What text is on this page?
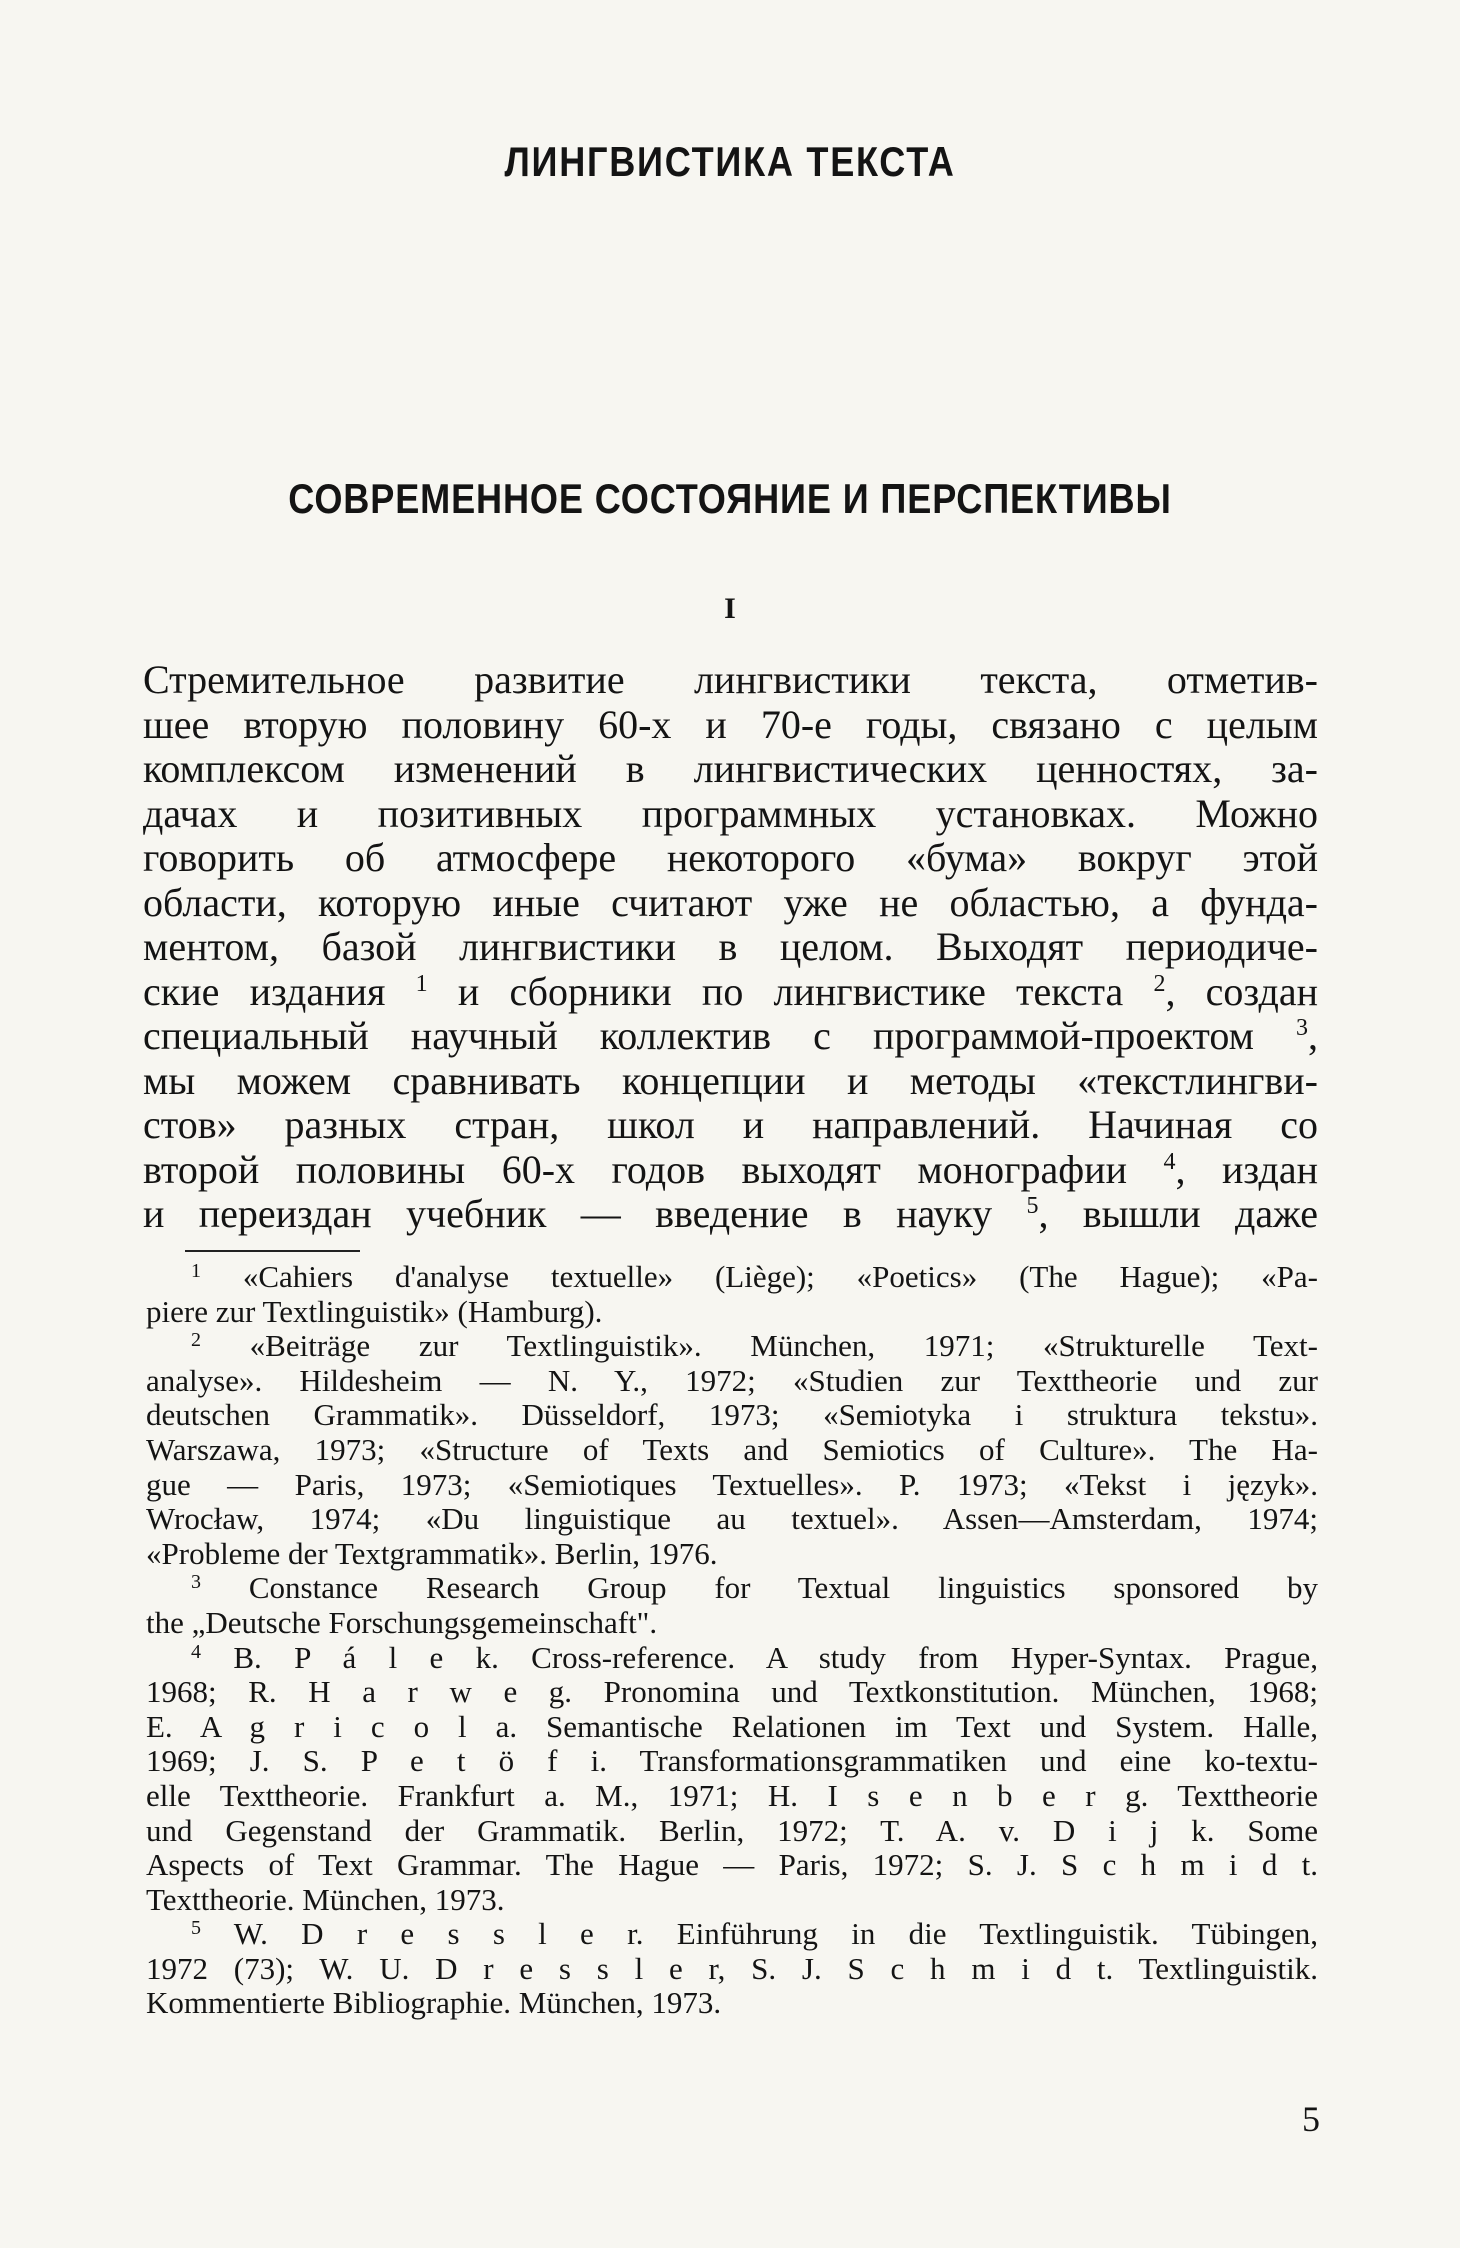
ЛИНГВИСТИКА ТЕКСТА
СОВРЕМЕННОЕ СОСТОЯНИЕ И ПЕРСПЕКТИВЫ
I
Стремительное развитие лингвистики текста, отметив-
шее вторую половину 60-х и 70-е годы, связано с целым
комплексом изменений в лингвистических ценностях, за-
дачах и позитивных программных установках. Можно
говорить об атмосфере некоторого «бума» вокруг этой
области, которую иные считают уже не областью, а фунда-
ментом, базой лингвистики в целом. Выходят периодиче-
ские издания $^1$ и сборники по лингвистике текста $^2$, создан
специальный научный коллектив с программой-проектом $^3$,
мы можем сравнивать концепции и методы «текстлингви-
стов» разных стран, школ и направлений. Начиная со
второй половины 60-х годов выходят монографии $^4$, издан
и переиздан учебник — введение в науку $^5$, вышли даже
$^1$ «Cahiers d'analyse textuelle» (Liège); «Poetics» (The Hague); «Pa-
piere zur Textlinguistik» (Hamburg).
$^2$ «Beiträge zur Textlinguistik». München, 1971; «Strukturelle Text-
analyse». Hildesheim — N. Y., 1972; «Studien zur Texttheorie und zur
deutschen Grammatik». Düsseldorf, 1973; «Semiotyka i struktura tekstu».
Warszawa, 1973; «Structure of Texts and Semiotics of Culture». The Ha-
gue — Paris, 1973; «Semiotiques Textuelles». P. 1973; «Tekst i język».
Wrocław, 1974; «Du linguistique au textuel». Assen—Amsterdam, 1974;
«Probleme der Textgrammatik». Berlin, 1976.
$^3$ Constance Research Group for Textual linguistics sponsored by
the „Deutsche Forschungsgemeinschaft".
$^4$ B. P á l e k. Cross-reference. A study from Hyper-Syntax. Prague,
1968; R. H a r w e g. Pronomina und Textkonstitution. München, 1968;
E. A g r i c o l a. Semantische Relationen im Text und System. Halle,
1969; J. S. P e t ö f i. Transformationsgrammatiken und eine ko-textu-
elle Texttheorie. Frankfurt a. M., 1971; H. I s e n b e r g. Texttheorie
und Gegenstand der Grammatik. Berlin, 1972; T. A. v. D i j k. Some
Aspects of Text Grammar. The Hague — Paris, 1972; S. J. S c h m i d t.
Texttheorie. München, 1973.
$^5$ W. D r e s s l e r. Einführung in die Textlinguistik. Tübingen,
1972 (73); W. U. D r e s s l e r, S. J. S c h m i d t. Textlinguistik.
Kommentierte Bibliographie. München, 1973.
5
